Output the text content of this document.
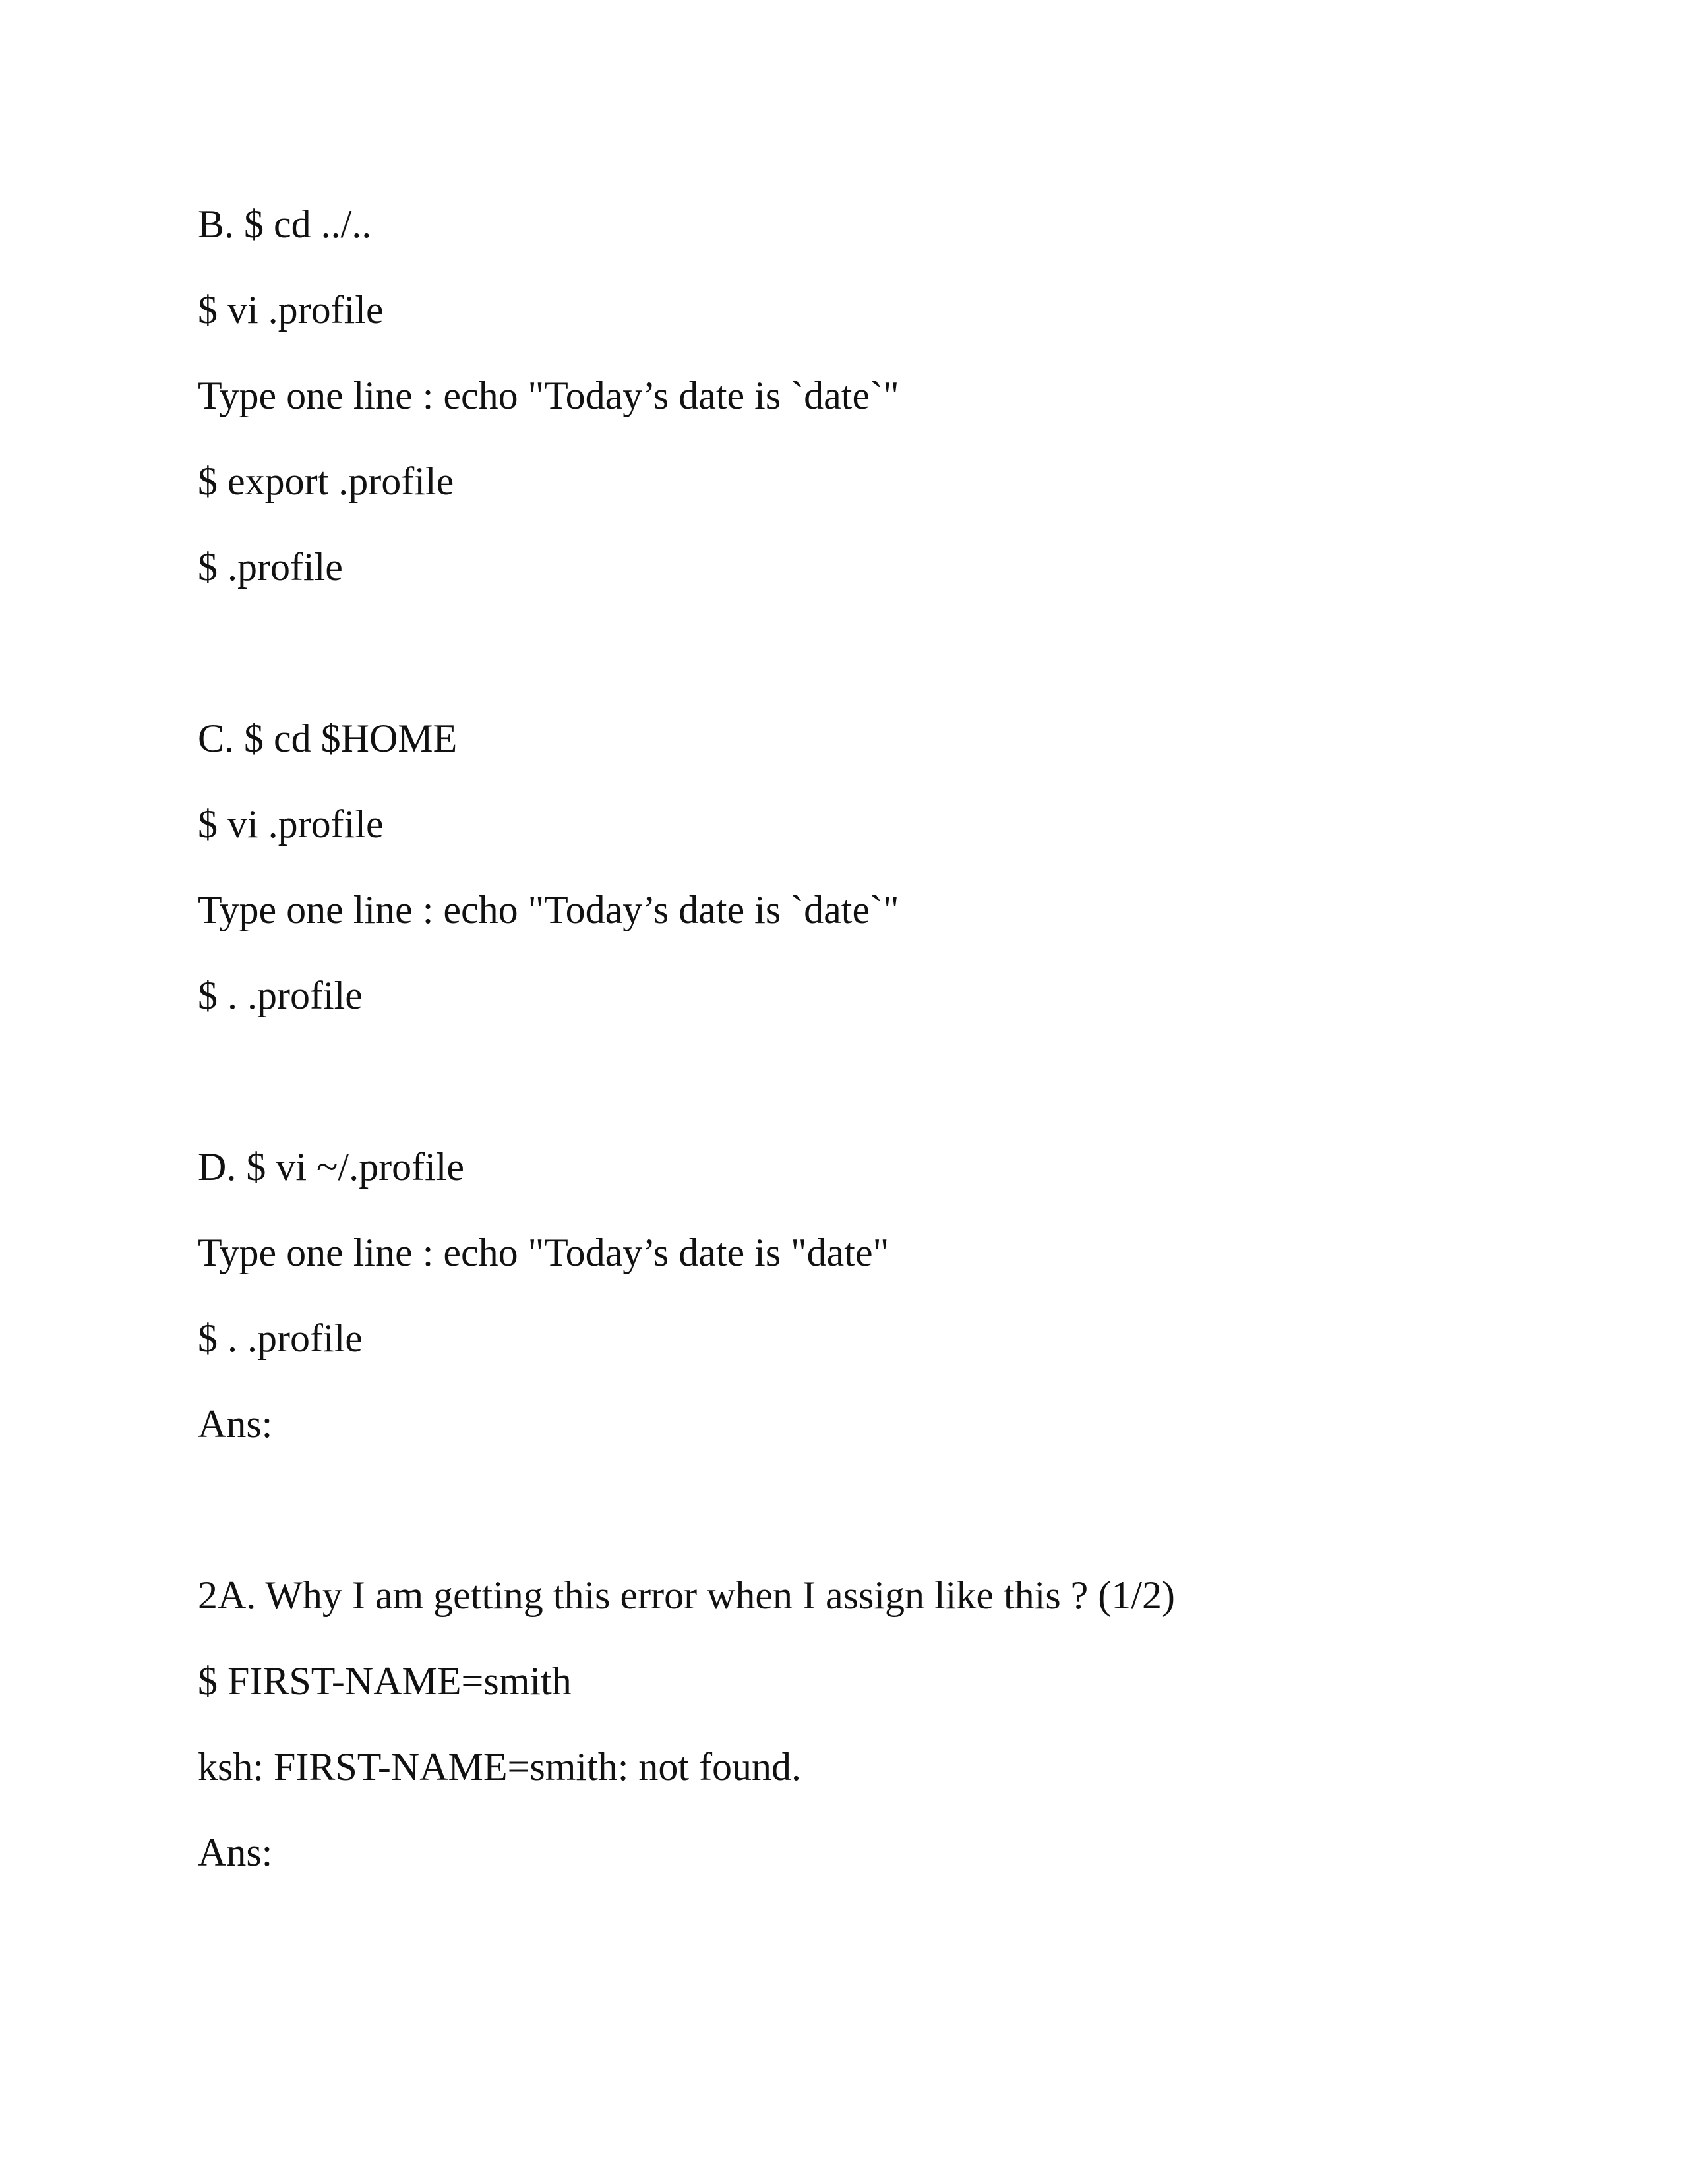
B. $ cd ../..
$ vi .profile
Type one line : echo "Today’s date is `date`"
$ export .profile
$ .profile
C. $ cd $HOME
$ vi .profile
Type one line : echo "Today’s date is `date`"
$ . .profile
D. $ vi ~/.profile
Type one line : echo "Today’s date is "date"
$ . .profile
Ans:
2A. Why I am getting this error when I assign like this ? (1/2)
$ FIRST-NAME=smith
ksh: FIRST-NAME=smith: not found.
Ans:
